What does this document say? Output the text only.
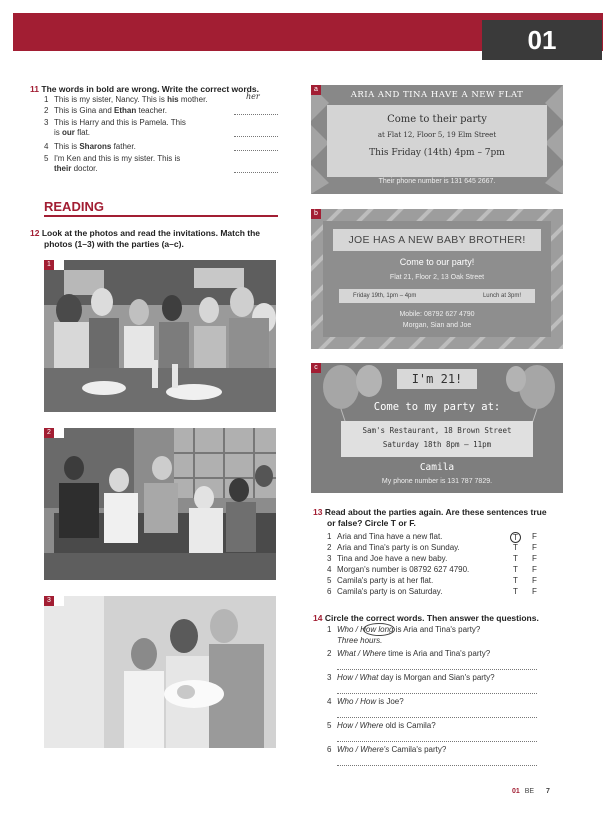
01
11 The words in bold are wrong. Write the correct words.
1 This is my sister, Nancy. This is his mother.	her
2 This is Gina and Ethan teacher.
3 This is Harry and this is Pamela. This
is our flat.
4 This is Sharons father.
5 I'm Ken and this is my sister. This is
their doctor.
READING
12 Look at the photos and read the invitations. Match the
photos (1–3) with the parties (a–c).
1
2
3
a
ARIA AND TINA HAVE A NEW FLAT
Come to their party
at Flat 12, Floor 5, 19 Elm Street
This Friday (14th) 4pm – 7pm
Their phone number is 131 645 2667.
b
JOE HAS A NEW BABY BROTHER!
Come to our party!
Flat 21, Floor 2, 13 Oak Street
Friday 19th, 1pm – 4pm	Lunch at 3pm!
Mobile: 08792 627 4790
Morgan, Sian and Joe
c
I'm 21!
Come to my party at:
Sam's Restaurant, 18 Brown Street
Saturday 18th 8pm – 11pm
Camila
My phone number is 131 787 7829.
13 Read about the parties again. Are these sentences true
or false? Circle T or F.
1 Aria and Tina have a new flat.	T	F
2 Aria and Tina's party is on Sunday.	T F
3 Tina and Joe have a new baby.	T F
4 Morgan's number is 08792 627 4790.	T F
5 Camila's party is at her flat.	T F
6 Camila's party is on Saturday.	T F
14 Circle the correct words. Then answer the questions.
1 Who / How long is Aria and Tina's party?
Three hours.
2 What / Where time is Aria and Tina's party?
3 How / What day is Morgan and Sian's party?
4 Who / How is Joe?
5 How / Where old is Camila?
6 Who / Where's Camila's party?
01 BE 7
